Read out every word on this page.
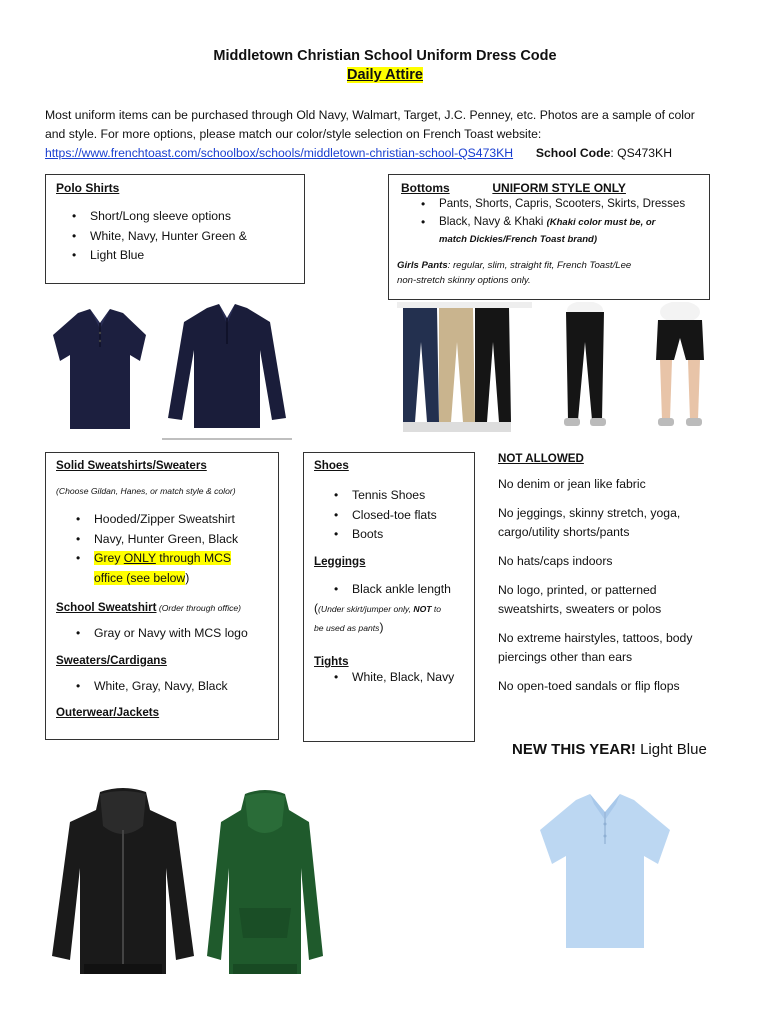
Middletown Christian School Uniform Dress Code
Daily Attire
Most uniform items can be purchased through Old Navy, Walmart, Target, J.C. Penney, etc. Photos are a sample of color
and style. For more options, please match our color/style selection on French Toast website:
https://www.frenchtoast.com/schoolbox/schools/middletown-christian-school-QS473KH School Code: QS473KH
Polo Shirts
• Short/Long sleeve options
• White, Navy, Hunter Green &
• Light Blue
Bottoms	UNIFORM STYLE ONLY
• Pants, Shorts, Capris, Scooters, Skirts, Dresses
• Black, Navy & Khaki (Khaki color must be, or
match Dickies/French Toast brand)
Girls Pants: regular, slim, straight fit, French Toast/Lee
non-stretch skinny options only.
Solid Sweatshirts/Sweaters
(Choose Gildan, Hanes, or match style & color)
• Hooded/Zipper Sweatshirt
• Navy, Hunter Green, Black
• Grey ONLY through MCS
office (see below)
School Sweatshirt (Order through office)
• Gray or Navy with MCS logo
Sweaters/Cardigans
• White, Gray, Navy, Black
Outerwear/Jackets
Shoes
• Tennis Shoes
• Closed-toe flats
• Boots
Leggings
• Black ankle length
((Under skirt/jumper only, NOT to
be used as pants)
Tights
• White, Black, Navy
NOT ALLOWED
No denim or jean like fabric
No jeggings, skinny stretch, yoga,
cargo/utility shorts/pants
No hats/caps indoors
No logo, printed, or patterned
sweatshirts, sweaters or polos
No extreme hairstyles, tattoos, body
piercings other than ears
No open-toed sandals or flip flops
NEW THIS YEAR! Light Blue
